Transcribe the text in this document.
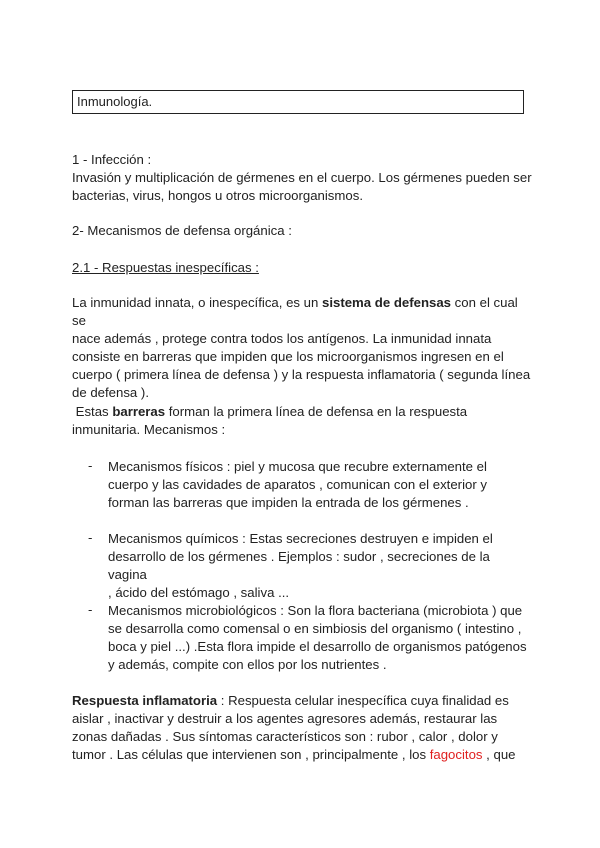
Inmunología.
1 - Infección :
Invasión y multiplicación de gérmenes en el cuerpo. Los gérmenes pueden ser
bacterias, virus, hongos u otros microorganismos.
2- Mecanismos de defensa orgánica :
2.1 - Respuestas inespecíficas :
La inmunidad innata, o inespecífica, es un sistema de defensas con el cual se
nace además , protege contra todos los antígenos. La inmunidad innata
consiste en barreras que impiden que los microorganismos ingresen en el
cuerpo ( primera línea de defensa ) y la respuesta inflamatoria ( segunda línea
de defensa ).
Estas barreras forman la primera línea de defensa en la respuesta
inmunitaria. Mecanismos :
- Mecanismos físicos : piel y mucosa que recubre externamente el
cuerpo y las cavidades de aparatos , comunican con el exterior y
forman las barreras que impiden la entrada de los gérmenes .
- Mecanismos químicos : Estas secreciones destruyen e impiden el
desarrollo de los gérmenes . Ejemplos : sudor , secreciones de la vagina
, ácido del estómago , saliva ...
- Mecanismos microbiológicos : Son la flora bacteriana (microbiota ) que
se desarrolla como comensal o en simbiosis del organismo ( intestino ,
boca y piel ...) .Esta flora impide el desarrollo de organismos patógenos
y además, compite con ellos por los nutrientes .
Respuesta inflamatoria : Respuesta celular inespecífica cuya finalidad es
aislar , inactivar y destruir a los agentes agresores además, restaurar las
zonas dañadas . Sus síntomas característicos son : rubor , calor , dolor y
tumor . Las células que intervienen son , principalmente , los fagocitos , que
